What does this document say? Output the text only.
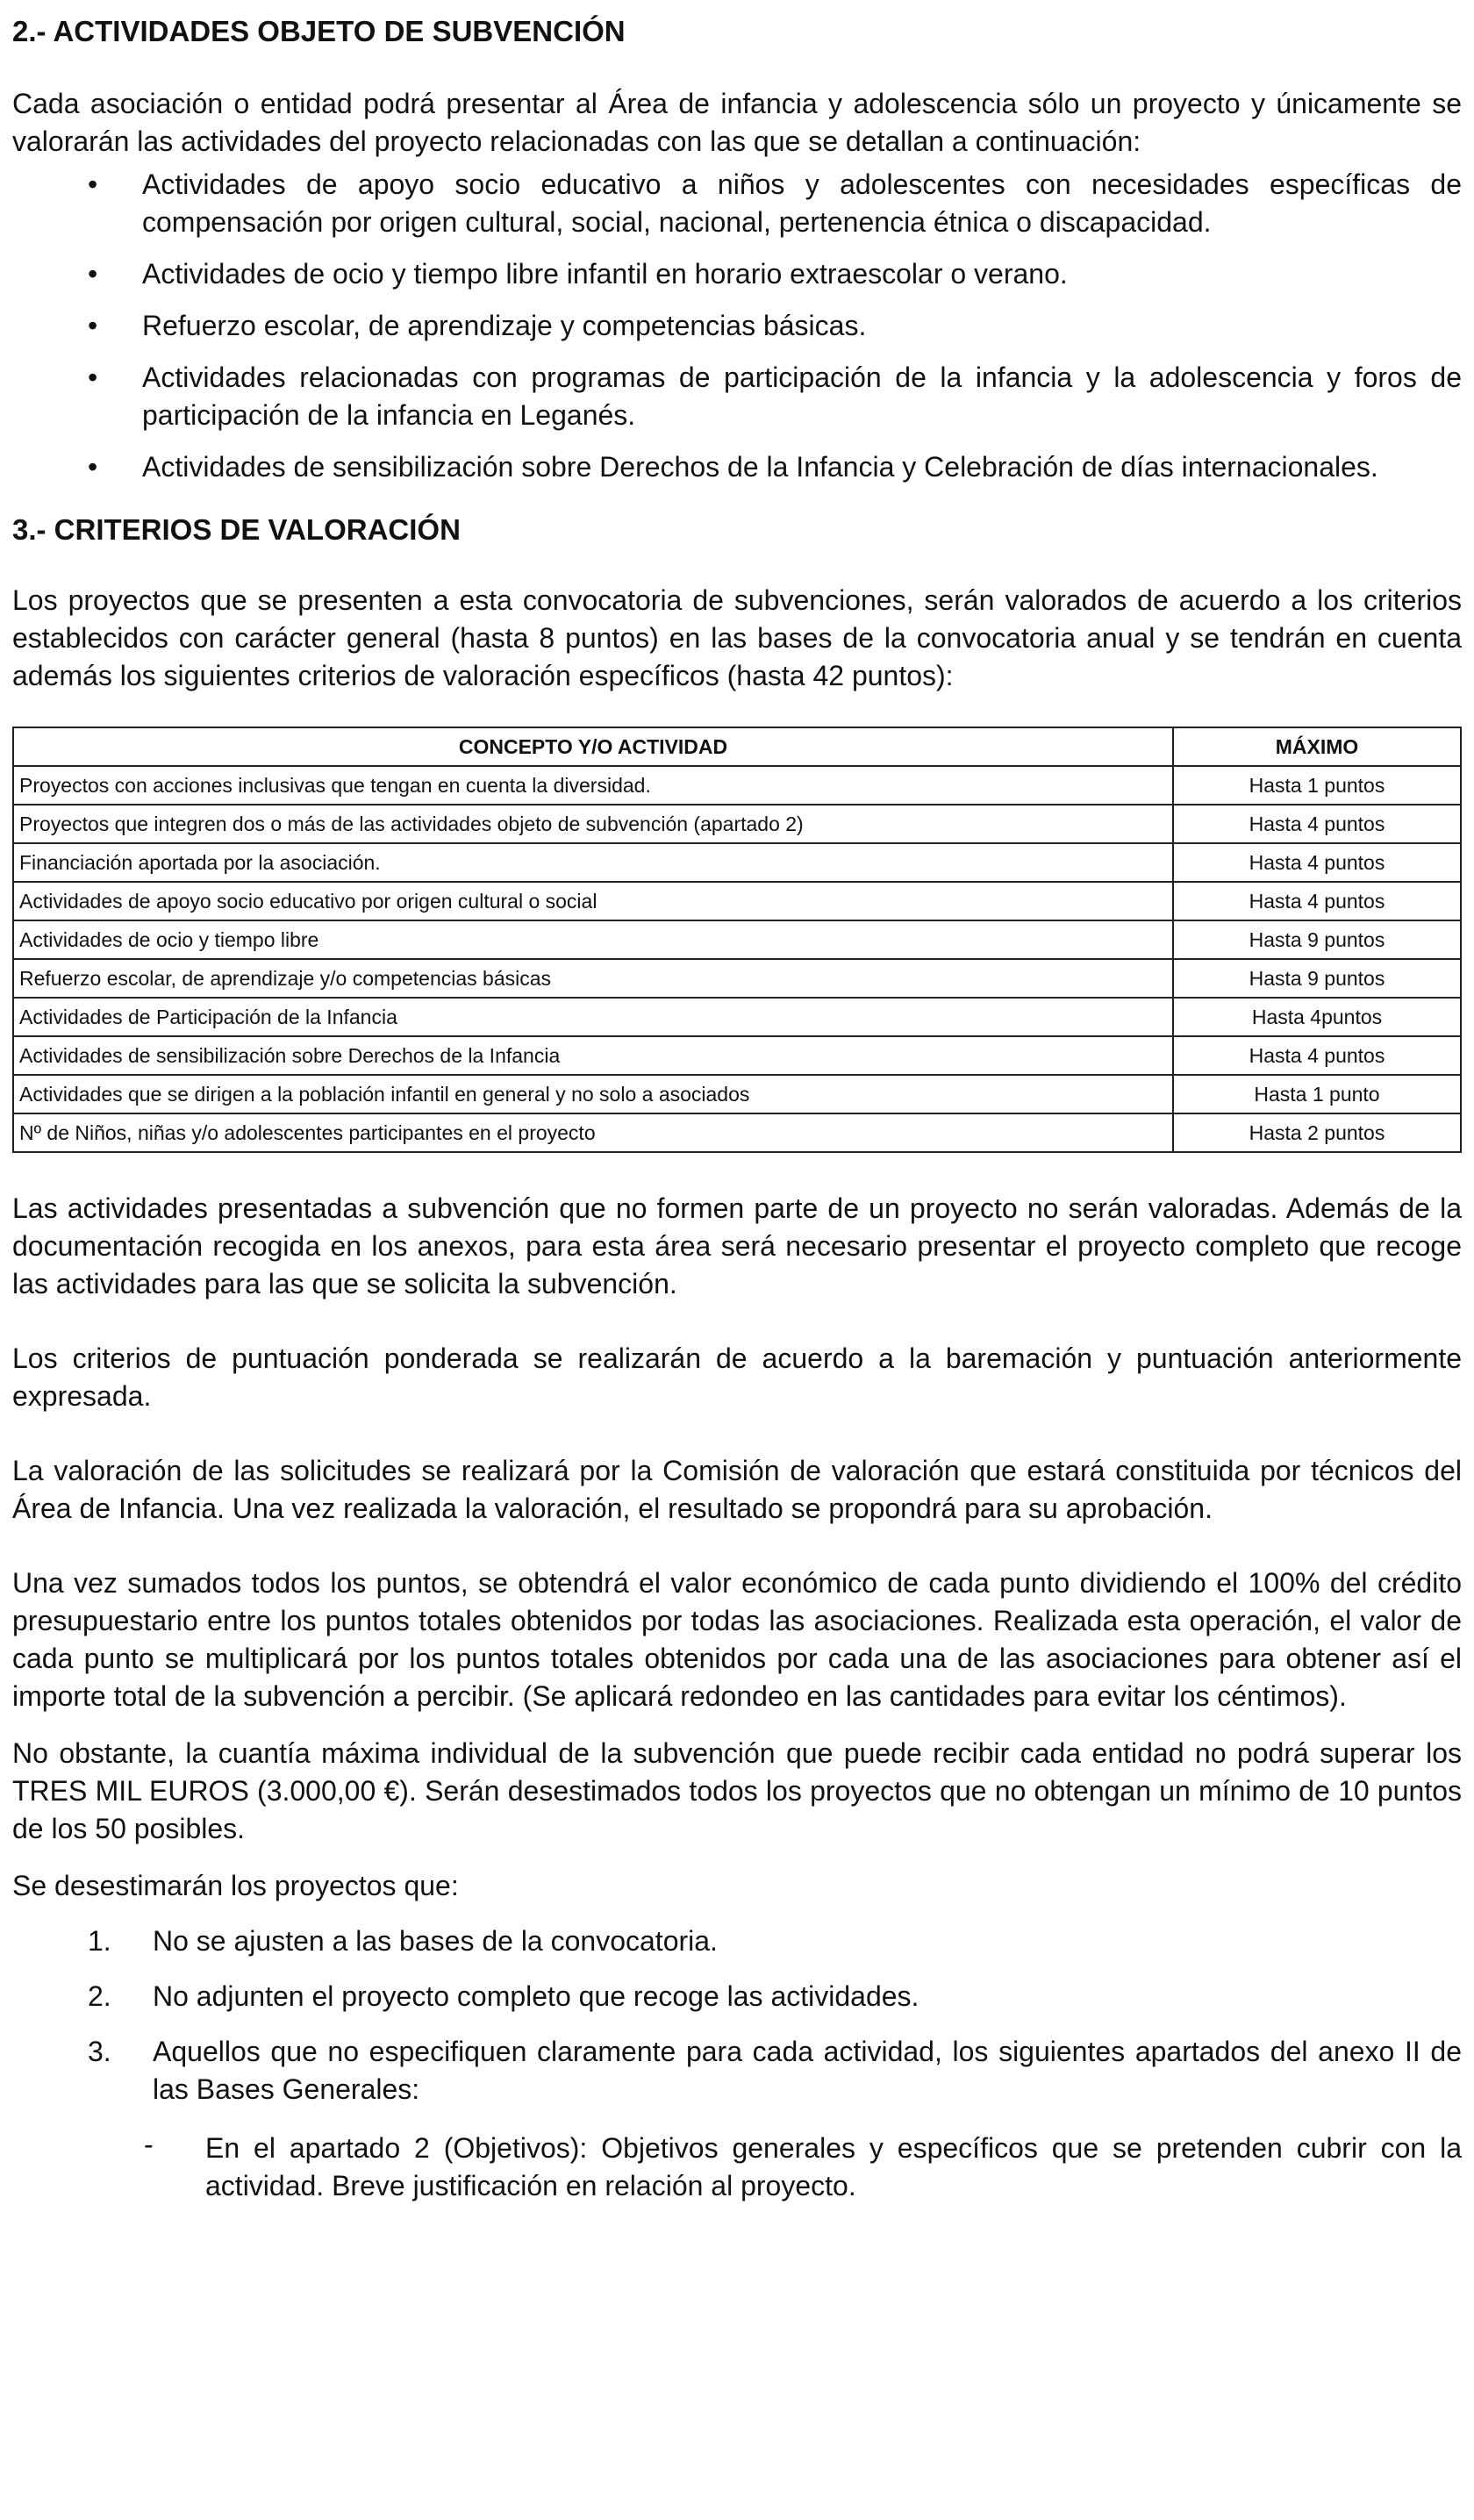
2.- ACTIVIDADES OBJETO DE SUBVENCIÓN

Cada asociación o entidad podrá presentar al Área de infancia y adolescencia sólo un proyecto y únicamente se valorarán las actividades del proyecto relacionadas con las que se detallan a continuación:

• Actividades de apoyo socio educativo a niños y adolescentes con necesidades específicas de compensación por origen cultural, social, nacional, pertenencia étnica o discapacidad.
• Actividades de ocio y tiempo libre infantil en horario extraescolar o verano.
• Refuerzo escolar, de aprendizaje y competencias básicas.
• Actividades relacionadas con programas de participación de la infancia y la adolescencia y foros de participación de la infancia en Leganés.
• Actividades de sensibilización sobre Derechos de la Infancia y Celebración de días internacionales.
3.- CRITERIOS DE VALORACIÓN

Los proyectos que se presenten a esta convocatoria de subvenciones, serán valorados de acuerdo a los criterios establecidos con carácter general (hasta 8 puntos) en las bases de la convocatoria anual y se tendrán en cuenta además los siguientes criterios de valoración específicos (hasta 42 puntos):

CONCEPTO Y/O ACTIVIDAD	MÁXIMO
Proyectos con acciones inclusivas que tengan en cuenta la diversidad.	Hasta 1 puntos
Proyectos que integren dos o más de las actividades objeto de subvención (apartado 2)	Hasta 4 puntos
Financiación aportada por la asociación.	Hasta 4 puntos
Actividades de apoyo socio educativo por origen cultural o social	Hasta 4 puntos
Actividades de ocio y tiempo libre	Hasta 9 puntos
Refuerzo escolar, de aprendizaje y/o competencias básicas	Hasta 9 puntos
Actividades de Participación de la Infancia	Hasta 4puntos
Actividades de sensibilización sobre Derechos de la Infancia	Hasta 4 puntos
Actividades que se dirigen a la población infantil en general y no solo a asociados	Hasta 1 punto
Nº de Niños, niñas y/o adolescentes participantes en el proyecto	Hasta 2 puntos

Las actividades presentadas a subvención que no formen parte de un proyecto no serán valoradas. Además de la documentación recogida en los anexos, para esta área será necesario presentar el proyecto completo que recoge las actividades para las que se solicita la subvención.

Los criterios de puntuación ponderada se realizarán de acuerdo a la baremación y puntuación anteriormente expresada.

La valoración de las solicitudes se realizará por la Comisión de valoración que estará constituida por técnicos del Área de Infancia. Una vez realizada la valoración, el resultado se propondrá para su aprobación.

Una vez sumados todos los puntos, se obtendrá el valor económico de cada punto dividiendo el 100% del crédito presupuestario entre los puntos totales obtenidos por todas las asociaciones. Realizada esta operación, el valor de cada punto se multiplicará por los puntos totales obtenidos por cada una de las asociaciones para obtener así el importe total de la subvención a percibir. (Se aplicará redondeo en las cantidades para evitar los céntimos).

No obstante, la cuantía máxima individual de la subvención que puede recibir cada entidad no podrá superar los TRES MIL EUROS (3.000,00 €). Serán desestimados todos los proyectos que no obtengan un mínimo de 10 puntos de los 50 posibles.

Se desestimarán los proyectos que:

1. No se ajusten a las bases de la convocatoria.
2. No adjunten el proyecto completo que recoge las actividades.
3. Aquellos que no especifiquen claramente para cada actividad, los siguientes apartados del anexo II de las Bases Generales:
- En el apartado 2 (Objetivos): Objetivos generales y específicos que se pretenden cubrir con la actividad. Breve justificación en relación al proyecto.
